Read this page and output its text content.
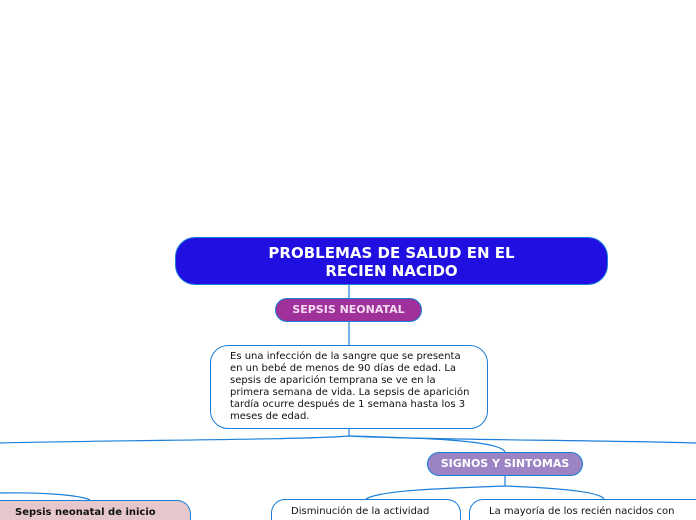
PROBLEMAS DE SALUD EN EL RECIEN NACIDO
SEPSIS NEONATAL
Es una infección de la sangre que se presenta en un bebé de menos de 90 días de edad. La sepsis de aparición temprana se ve en la primera semana de vida. La sepsis de aparición tardía ocurre después de 1 semana hasta los 3 meses de edad.
SIGNOS Y SINTOMAS
Sepsis neonatal de inicio	Disminución de la actividad	La mayoría de los recién nacidos con
